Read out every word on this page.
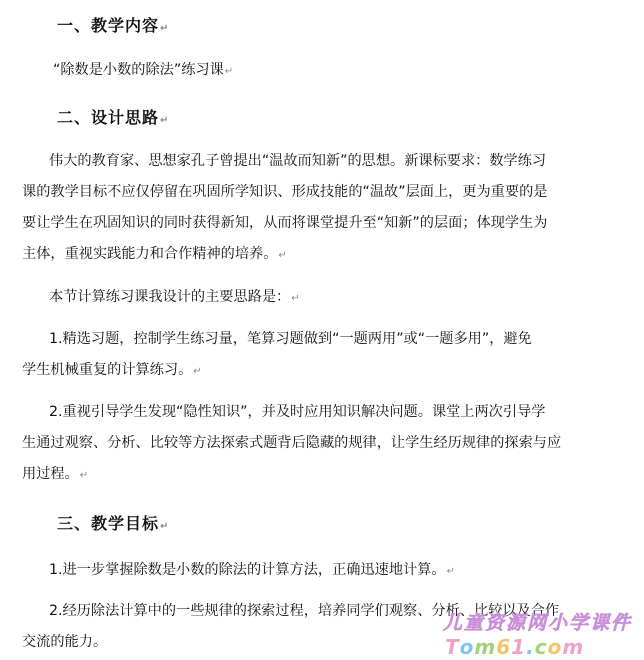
一、教学内容↵
“除数是小数的除法”练习课↵
二、设计思路↵
伟大的教育家、思想家孔子曾提出“温故而知新”的思想。新课标要求：数学练习
课的教学目标不应仅停留在巩固所学知识、形成技能的“温故”层面上，更为重要的是
要让学生在巩固知识的同时获得新知，从而将课堂提升至“知新”的层面；体现学生为
主体，重视实践能力和合作精神的培养。↵
本节计算练习课我设计的主要思路是：↵
1.精选习题，控制学生练习量，笔算习题做到“一题两用”或“一题多用”，避免
学生机械重复的计算练习。↵
2.重视引导学生发现“隐性知识”，并及时应用知识解决问题。课堂上两次引导学
生通过观察、分析、比较等方法探索式题背后隐藏的规律，让学生经历规律的探索与应
用过程。↵
三、教学目标↵
1.进一步掌握除数是小数的除法的计算方法，正确迅速地计算。↵
2.经历除法计算中的一些规律的探索过程，培养同学们观察、分析、比较以及合作
交流的能力。
儿童资源网小学课件
Tom61.com
